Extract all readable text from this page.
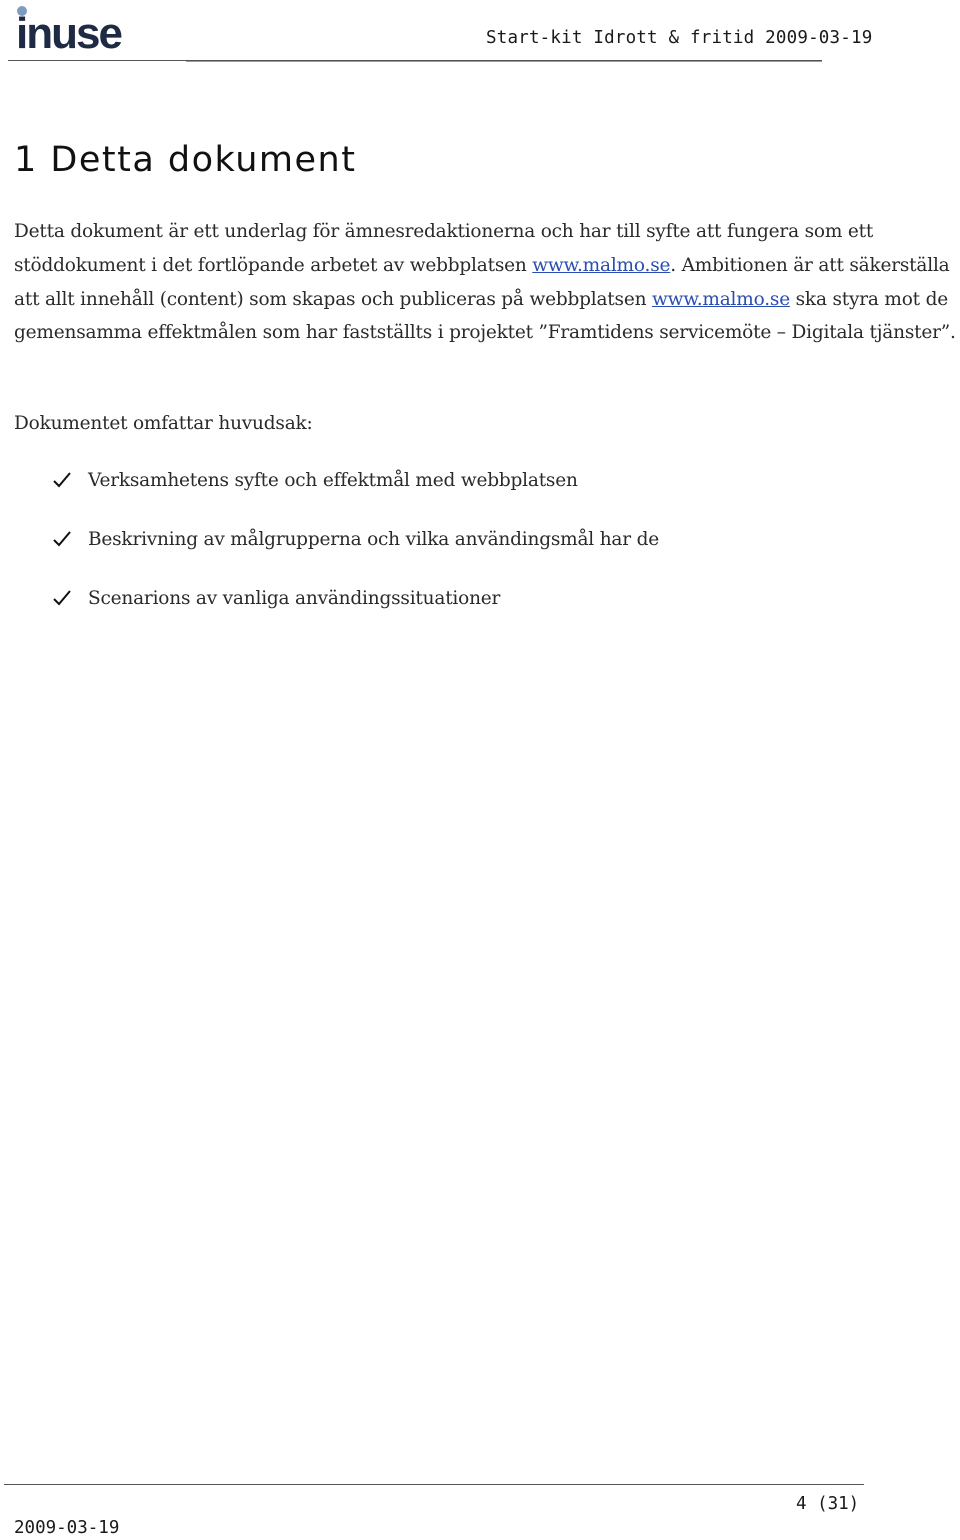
inuse	Start-kit Idrott & fritid 2009-03-19
1 Detta dokument

Detta dokument är ett underlag för ämnesredaktionerna och har till syfte att fungera som ett stöddokument i det fortlöpande arbetet av webbplatsen www.malmo.se. Ambitionen är att säkerställa att allt innehåll (content) som skapas och publiceras på webbplatsen www.malmo.se ska styra mot de gemensamma effektmålen som har fastställts i projektet ”Framtidens servicemöte – Digitala tjänster”.

Dokumentet omfattar huvudsak:

Verksamhetens syfte och effektmål med webbplatsen
Beskrivning av målgrupperna och vilka användingsmål har de
Scenarions av vanliga användingssituationer
4 (31)
2009-03-19
